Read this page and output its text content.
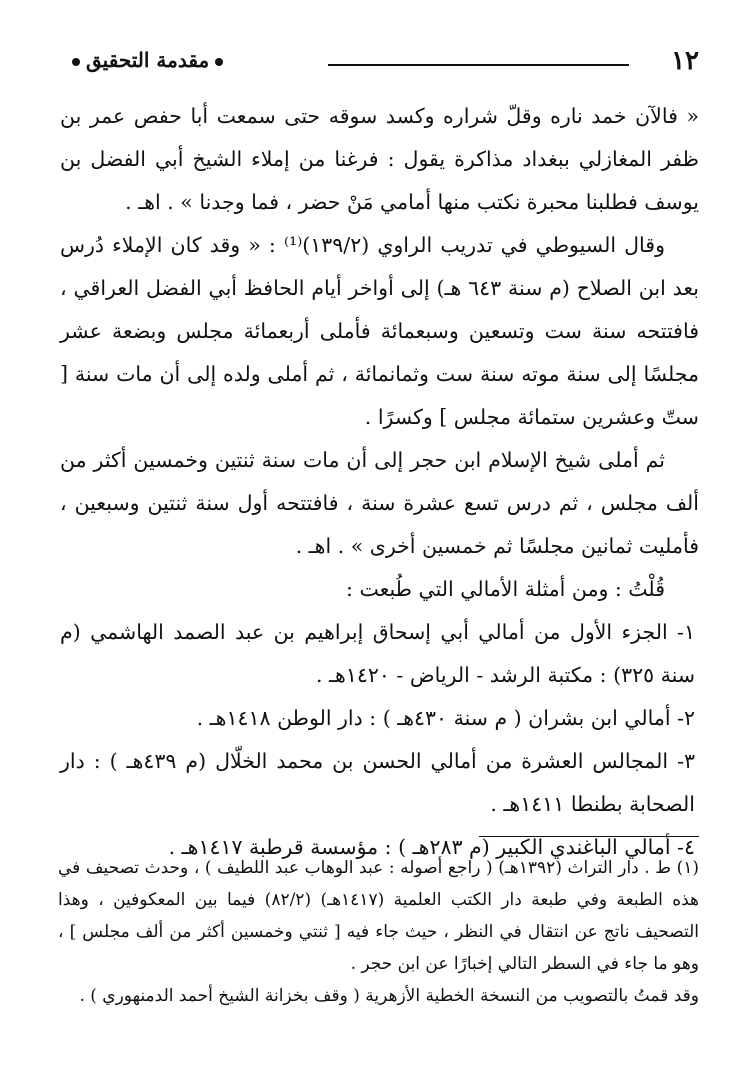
١٢
مقدمة التحقيق

« فالآن خمد ناره وقلّ شراره وكسد سوقه حتى سمعت أبا حفص عمر بن ظفر المغازلي ببغداد مذاكرة يقول : فرغنا من إملاء الشيخ أبي الفضل بن يوسف فطلبنا محبرة نكتب منها أمامي مَنْ حضر ، فما وجدنا » . اهـ .

وقال السيوطي في تدريب الراوي (١٣٩/٢)⁽¹⁾ : « وقد كان الإملاء دُرس بعد ابن الصلاح (م سنة ٦٤٣ هـ) إلى أواخر أيام الحافظ أبي الفضل العراقي ، فافتتحه سنة ست وتسعين وسبعمائة فأملى أربعمائة مجلس وبضعة عشر مجلسًا إلى سنة موته سنة ست وثمانمائة ، ثم أملى ولده إلى أن مات سنة [ ستّ وعشرين ستمائة مجلس ] وكسرًا .

ثم أملى شيخ الإسلام ابن حجر إلى أن مات سنة ثنتين وخمسين أكثر من ألف مجلس ، ثم درس تسع عشرة سنة ، فافتتحه أول سنة ثنتين وسبعين ، فأمليت ثمانين مجلسًا ثم خمسين أخرى » . اهـ .

قُلْتُ : ومن أمثلة الأمالي التي طُبعت :

١- الجزء الأول من أمالي أبي إسحاق إبراهيم بن عبد الصمد الهاشمي (م سنة ٣٢٥) : مكتبة الرشد - الرياض - ١٤٢٠هـ .

٢- أمالي ابن بشران ( م سنة ٤٣٠هـ ) : دار الوطن ١٤١٨هـ .

٣- المجالس العشرة من أمالي الحسن بن محمد الخلّال (م ٤٣٩هـ ) : دار الصحابة بطنطا ١٤١١هـ .

٤- أمالي الباغندي الكبير (م ٢٨٣هـ ) : مؤسسة قرطبة ١٤١٧هـ .

(١) ط . دار التراث (١٣٩٢هـ) ( راجع أصوله : عبد الوهاب عبد اللطيف ) ، وحدث تصحيف في هذه الطبعة وفي طبعة دار الكتب العلمية (١٤١٧هـ) (٨٢/٢) فيما بين المعكوفين ، وهذا التصحيف ناتج عن انتقال في النظر ، حيث جاء فيه [ ثنتي وخمسين أكثر من ألف مجلس ] ، وهو ما جاء في السطر التالي إخبارًا عن ابن حجر .

وقد قمتُ بالتصويب من النسخة الخطية الأزهرية ( وقف بخزانة الشيخ أحمد الدمنهوري ) .
